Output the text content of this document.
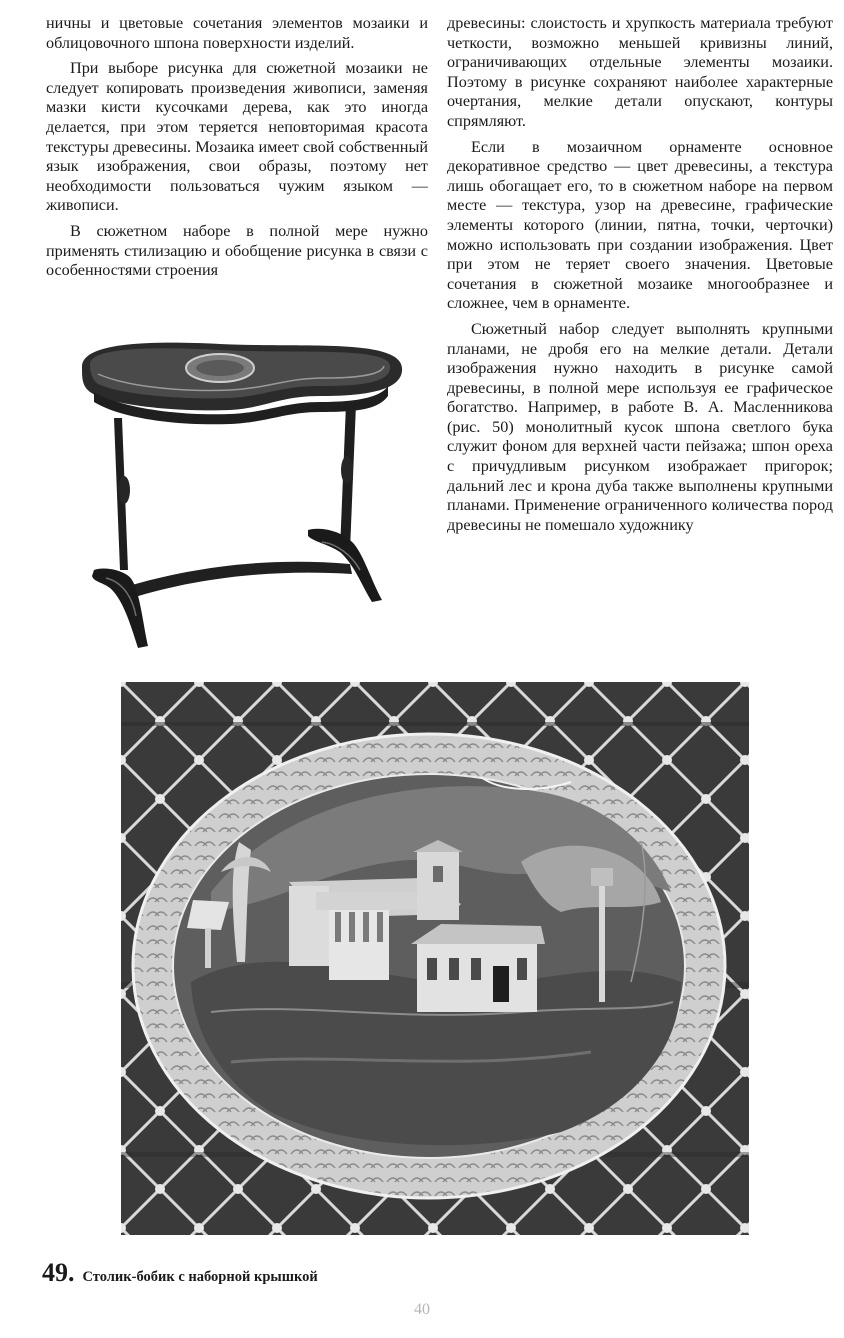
ничны и цветовые сочетания элементов мозаики и облицовочного шпона поверхности изделий.

При выборе рисунка для сюжетной мозаики не следует копировать произведения живописи, заменяя мазки кисти кусочками дерева, как это иногда делается, при этом теряется неповторимая красота текстуры древесины. Мозаика имеет свой собственный язык изображения, свои образы, поэтому нет необходимости пользоваться чужим языком — живописи.

В сюжетном наборе в полной мере нужно применять стилизацию и обобщение рисунка в связи с особенностями строения

древесины: слоистость и хрупкость материала требуют четкости, возможно меньшей кривизны линий, ограничивающих отдельные элементы мозаики. Поэтому в рисунке сохраняют наиболее характерные очертания, мелкие детали опускают, контуры спрямляют.

Если в мозаичном орнаменте основное декоративное средство — цвет древесины, а текстура лишь обогащает его, то в сюжетном наборе на первом месте — текстура, узор на древесине, графические элементы которого (линии, пятна, точки, черточки) можно использовать при создании изображения. Цвет при этом не теряет своего значения. Цветовые сочетания в сюжетной мозаике многообразнее и сложнее, чем в орнаменте.

Сюжетный набор следует выполнять крупными планами, не дробя его на мелкие детали. Детали изображения нужно находить в рисунке самой древесины, в полной мере используя ее графическое богатство. Например, в работе В. А. Масленникова (рис. 50) монолитный кусок шпона светлого бука служит фоном для верхней части пейзажа; шпон ореха с причудливым рисунком изображает пригорок; дальний лес и крона дуба также выполнены крупными планами. Применение ограниченного количества пород древесины не помешало художнику

49. Столик-бобик с наборной крышкой
40
